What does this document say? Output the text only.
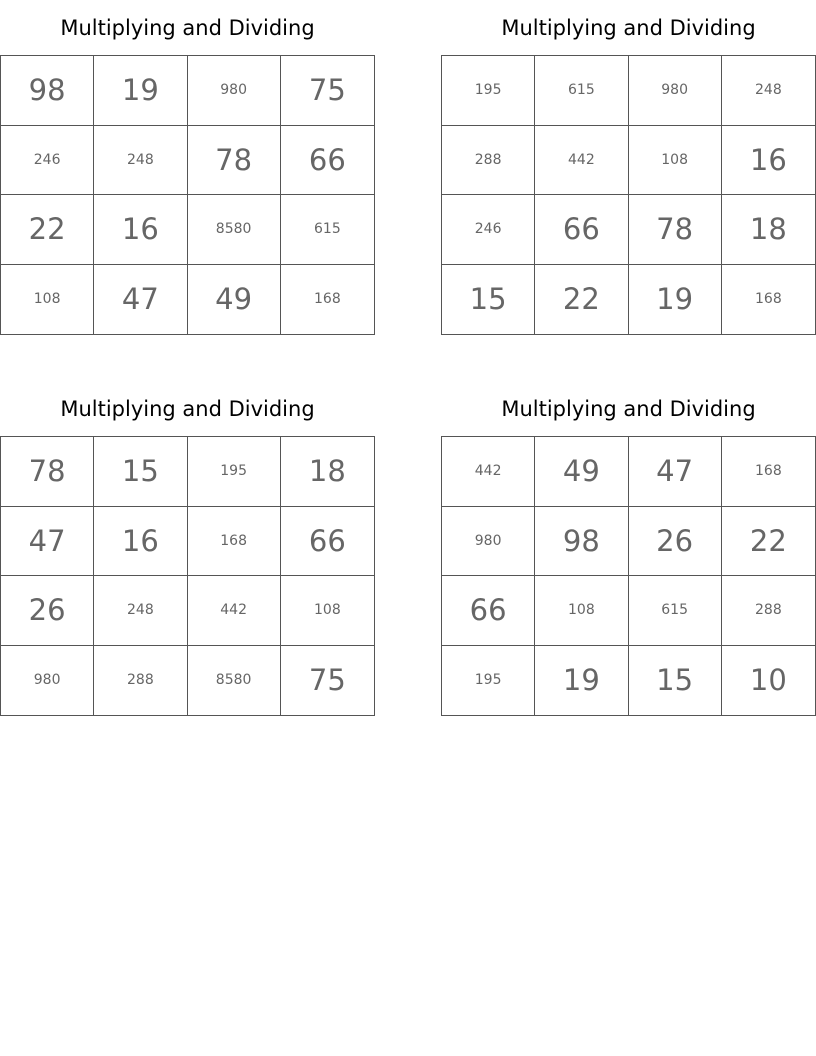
Multiplying and Dividing
98	19	980	75
246	248	78	66
22	16	8580	615
108	47	49	168
Multiplying and Dividing
195	615	980	248
288	442	108	16
246	66	78	18
15	22	19	168
Multiplying and Dividing
78	15	195	18
47	16	168	66
26	248	442	108
980	288	8580	75
Multiplying and Dividing
442	49	47	168
980	98	26	22
66	108	615	288
195	19	15	10
